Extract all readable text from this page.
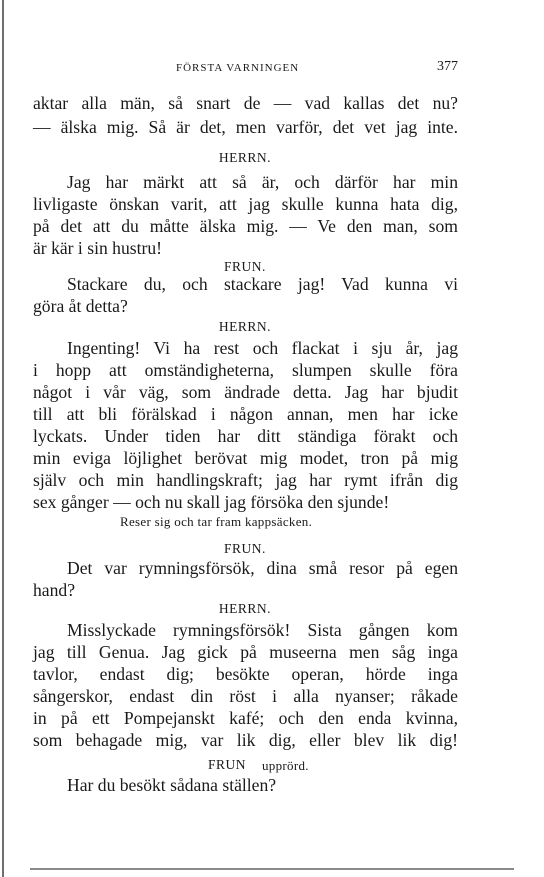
FÖRSTA VARNINGEN	377
aktar alla män, så snart de — vad kallas det nu?
— älska mig. Så är det, men varför, det vet jag inte.
HERRN.
Jag har märkt att så är, och därför har min
livligaste önskan varit, att jag skulle kunna hata dig,
på det att du måtte älska mig. — Ve den man, som
är kär i sin hustru!
FRUN.
Stackare du, och stackare jag! Vad kunna vi
göra åt detta?
HERRN.
Ingenting! Vi ha rest och flackat i sju år, jag
i hopp att omständigheterna, slumpen skulle föra
något i vår väg, som ändrade detta. Jag har bjudit
till att bli förälskad i någon annan, men har icke
lyckats. Under tiden har ditt ständiga förakt och
min eviga löjlighet berövat mig modet, tron på mig
själv och min handlingskraft; jag har rymt ifrån dig
sex gånger — och nu skall jag försöka den sjunde!
Reser sig och tar fram kappsäcken.
FRUN.
Det var rymningsförsök, dina små resor på egen
hand?
HERRN.
Misslyckade rymningsförsök! Sista gången kom
jag till Genua. Jag gick på museerna men såg inga
tavlor, endast dig; besökte operan, hörde inga
sångerskor, endast din röst i alla nyanser; råkade
in på ett Pompejanskt kafé; och den enda kvinna,
som behagade mig, var lik dig, eller blev lik dig!
FRUN upprörd.
Har du besökt sådana ställen?
